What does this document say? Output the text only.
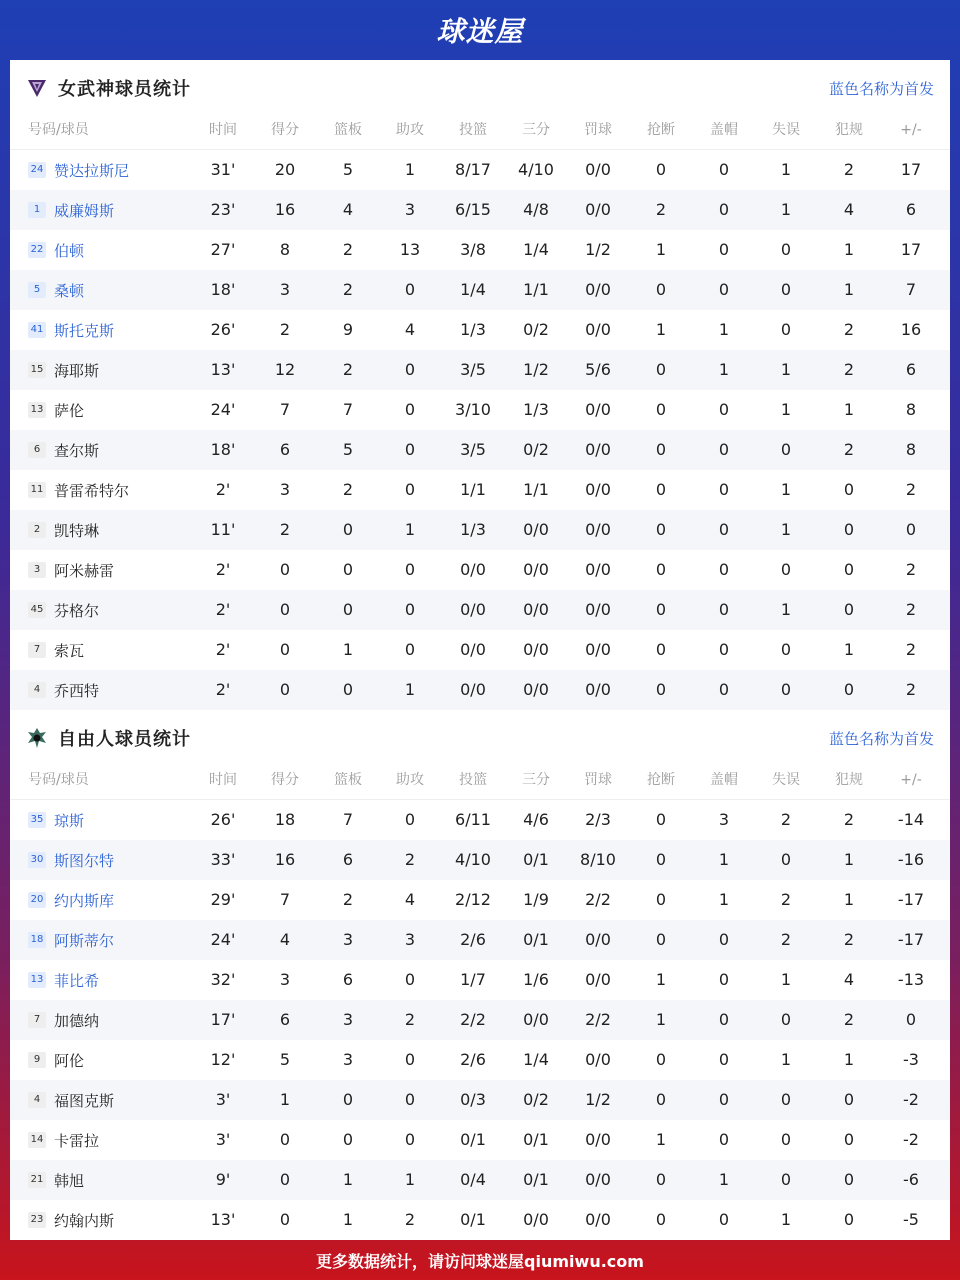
球迷屋
女武神球员统计	蓝色名称为首发
号码/球员	时间	得分	篮板	助攻	投篮	三分	罚球	抢断	盖帽	失误	犯规	+/-
24 赞达拉斯尼	31'	20	5	1	8/17	4/10	0/0	0	0	1	2	17
1 威廉姆斯	23'	16	4	3	6/15	4/8	0/0	2	0	1	4	6
22 伯顿	27'	8	2	13	3/8	1/4	1/2	1	0	0	1	17
5 桑顿	18'	3	2	0	1/4	1/1	0/0	0	0	0	1	7
41 斯托克斯	26'	2	9	4	1/3	0/2	0/0	1	1	0	2	16
15 海耶斯	13'	12	2	0	3/5	1/2	5/6	0	1	1	2	6
13 萨伦	24'	7	7	0	3/10	1/3	0/0	0	0	1	1	8
6 查尔斯	18'	6	5	0	3/5	0/2	0/0	0	0	0	2	8
11 普雷希特尔	2'	3	2	0	1/1	1/1	0/0	0	0	1	0	2
2 凯特琳	11'	2	0	1	1/3	0/0	0/0	0	0	1	0	0
3 阿米赫雷	2'	0	0	0	0/0	0/0	0/0	0	0	0	0	2
45 芬格尔	2'	0	0	0	0/0	0/0	0/0	0	0	1	0	2
7 索瓦	2'	0	1	0	0/0	0/0	0/0	0	0	0	1	2
4 乔西特	2'	0	0	1	0/0	0/0	0/0	0	0	0	0	2
自由人球员统计	蓝色名称为首发
号码/球员	时间	得分	篮板	助攻	投篮	三分	罚球	抢断	盖帽	失误	犯规	+/-
35 琼斯	26'	18	7	0	6/11	4/6	2/3	0	3	2	2	-14
30 斯图尔特	33'	16	6	2	4/10	0/1	8/10	0	1	0	1	-16
20 约内斯库	29'	7	2	4	2/12	1/9	2/2	0	1	2	1	-17
18 阿斯蒂尔	24'	4	3	3	2/6	0/1	0/0	0	0	2	2	-17
13 菲比希	32'	3	6	0	1/7	1/6	0/0	1	0	1	4	-13
7 加德纳	17'	6	3	2	2/2	0/0	2/2	1	0	0	2	0
9 阿伦	12'	5	3	0	2/6	1/4	0/0	0	0	1	1	-3
4 福图克斯	3'	1	0	0	0/3	0/2	1/2	0	0	0	0	-2
14 卡雷拉	3'	0	0	0	0/1	0/1	0/0	1	0	0	0	-2
21 韩旭	9'	0	1	1	0/4	0/1	0/0	0	1	0	0	-6
23 约翰内斯	13'	0	1	2	0/1	0/0	0/0	0	0	1	0	-5
更多数据统计，请访问球迷屋qiumiwu.com
